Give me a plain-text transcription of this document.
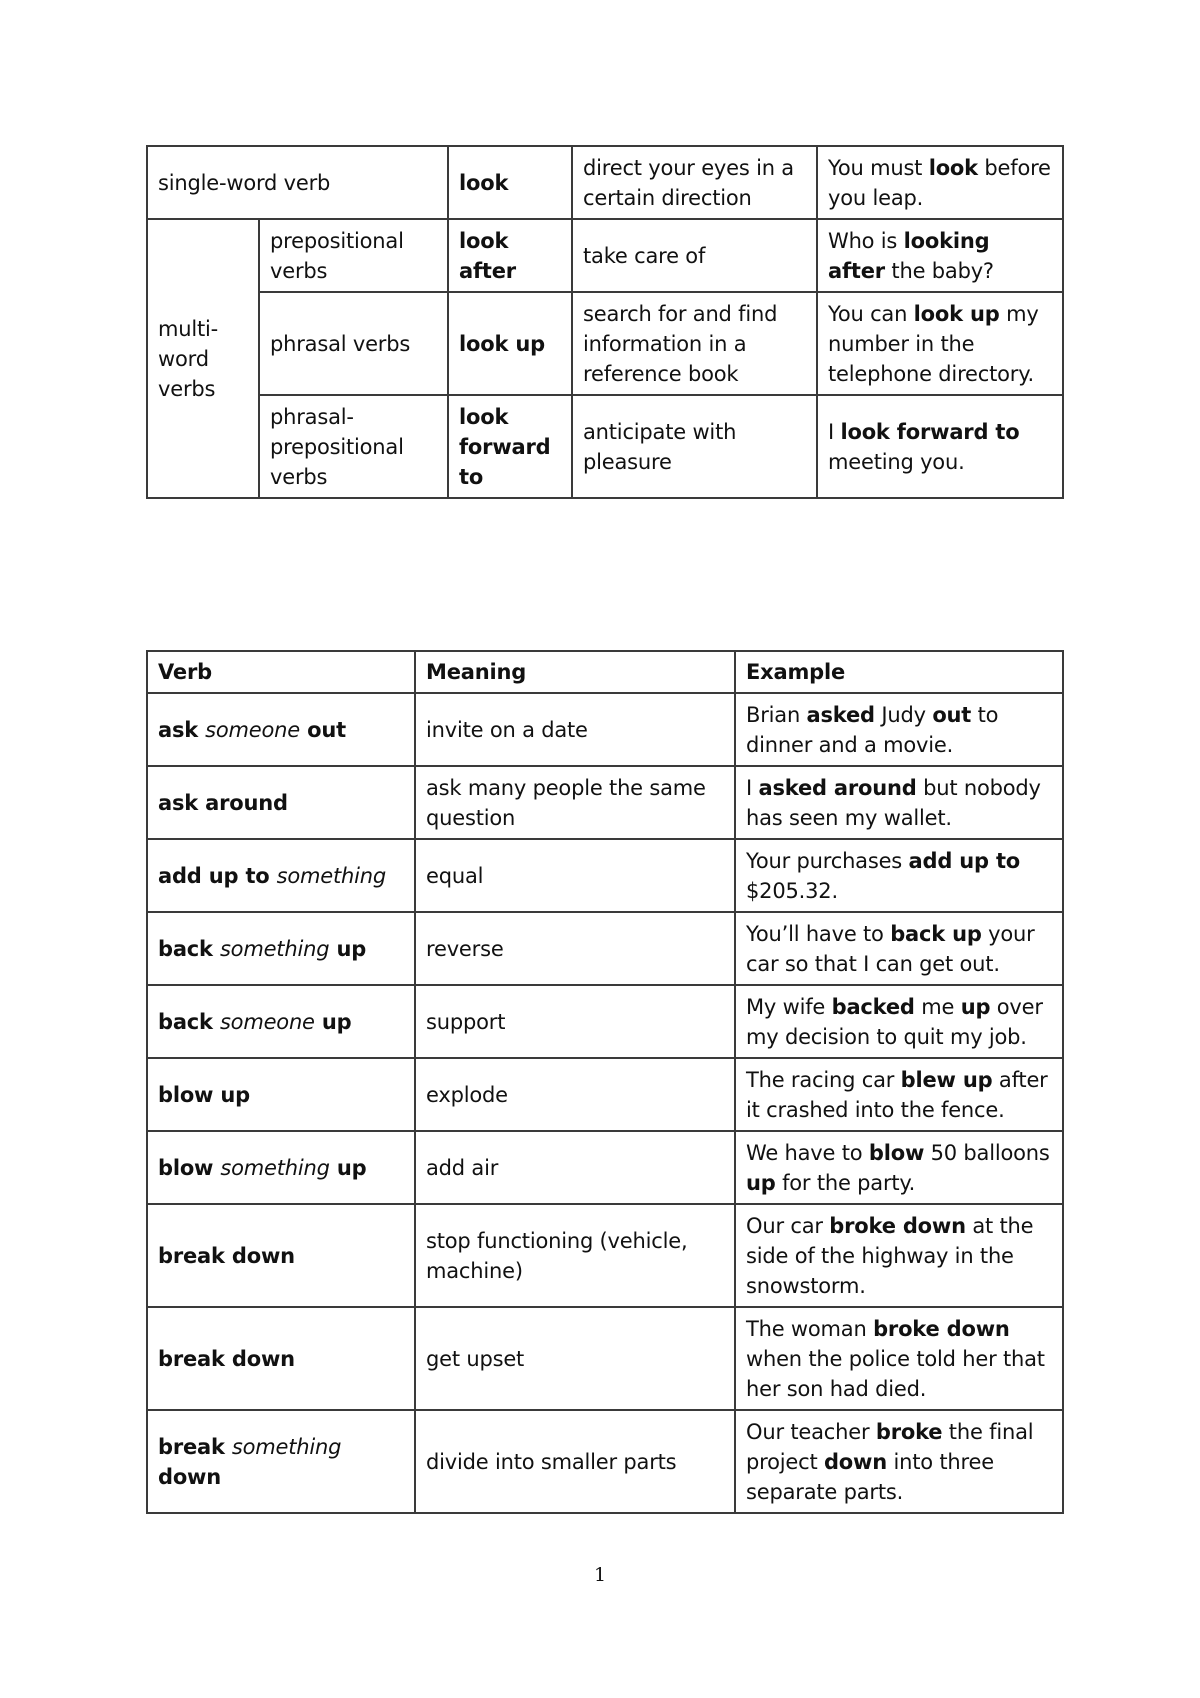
single-word verb		look	direct your eyes in a certain direction	You must look before you leap.
multi-word verbs	prepositional verbs	look after	take care of	Who is looking after the baby?
	phrasal verbs	look up	search for and find information in a reference book	You can look up my number in the telephone directory.
	phrasal-prepositional verbs	look forward to	anticipate with pleasure	I look forward to meeting you.
Verb	Meaning	Example
ask someone out	invite on a date	Brian asked Judy out to dinner and a movie.
ask around	ask many people the same question	I asked around but nobody has seen my wallet.
add up to something	equal	Your purchases add up to $205.32.
back something up	reverse	You’ll have to back up your car so that I can get out.
back someone up	support	My wife backed me up over my decision to quit my job.
blow up	explode	The racing car blew up after it crashed into the fence.
blow something up	add air	We have to blow 50 balloons up for the party.
break down	stop functioning (vehicle, machine)	Our car broke down at the side of the highway in the snowstorm.
break down	get upset	The woman broke down when the police told her that her son had died.
break something down	divide into smaller parts	Our teacher broke the final project down into three separate parts.
1
